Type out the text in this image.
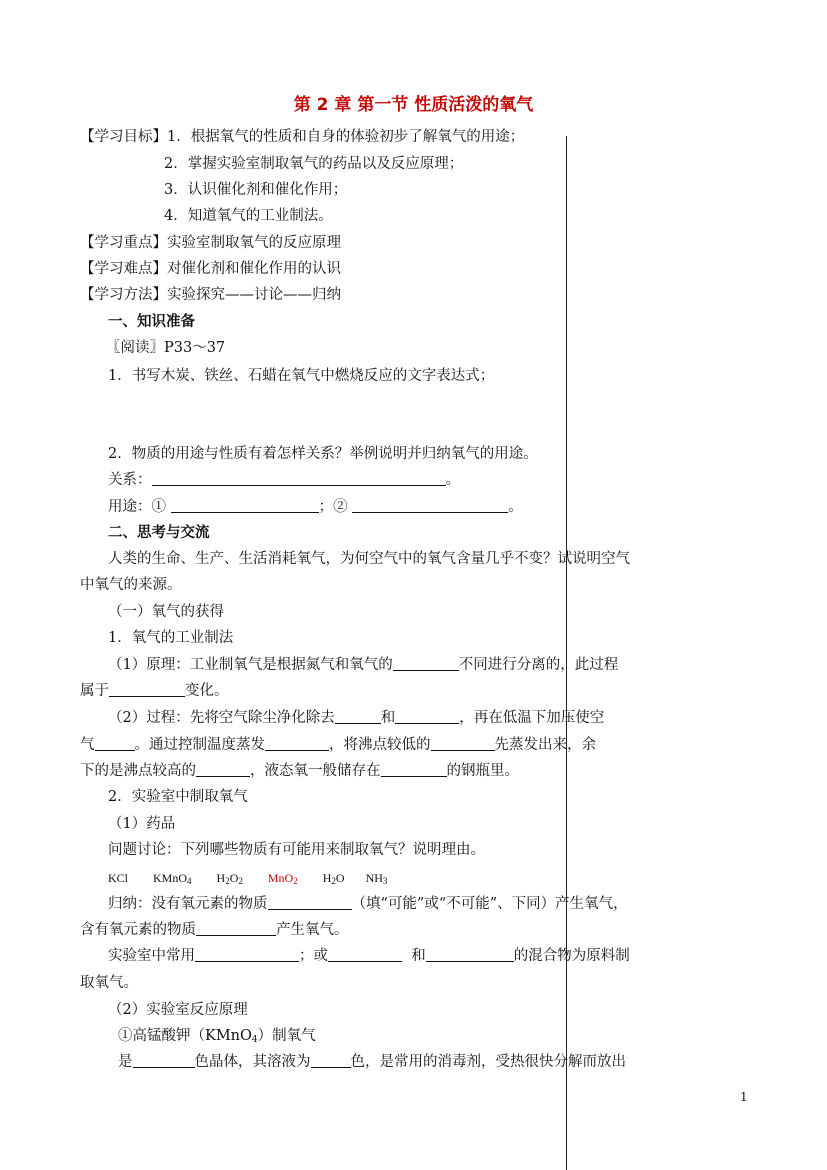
第 2 章 第一节 性质活泼的氧气
【学习目标】1．根据氧气的性质和自身的体验初步了解氧气的用途；
2．掌握实验室制取氧气的药品以及反应原理；
3．认识催化剂和催化作用；
4．知道氧气的工业制法。
【学习重点】实验室制取氧气的反应原理
【学习难点】对催化剂和催化作用的认识
【学习方法】实验探究——讨论——归纳
一、知识准备
〖阅读〗P33～37
1．书写木炭、铁丝、石蜡在氧气中燃烧反应的文字表达式；
2．物质的用途与性质有着怎样关系？举例说明并归纳氧气的用途。
关系：	。
用途：①	；②	。
二、思考与交流
人类的生命、生产、生活消耗氧气，为何空气中的氧气含量几乎不变？试说明空气
中氧气的来源。
（一）氧气的获得
1．氧气的工业制法
（1）原理：工业制氧气是根据氮气和氧气的	不同进行分离的，此过程
属于	变化。
（2）过程：先将空气除尘净化除去	和	，再在低温下加压使空
气	。通过控制温度蒸发	，将沸点较低的	先蒸发出来，余
下的是沸点较高的	，液态氧一般储存在	的钢瓶里。
2．实验室中制取氧气
（1）药品
问题讨论：下列哪些物质有可能用来制取氧气？说明理由。
KCl KMnO$_4$ $H_2O_2$ MnO$_2$ $H_2O$ $NH_3$
归纳：没有氧元素的物质	（填“可能”或“不可能”、下同）产生氧气，
含有氧元素的物质	产生氧气。
实验室中常用	；或	和	的混合物为原料制
取氧气。
（2）实验室反应原理
①高锰酸钾（KMnO$_4$）制氧气
是	色晶体，其溶液为	色，是常用的消毒剂，受热很快分解而放出
1
